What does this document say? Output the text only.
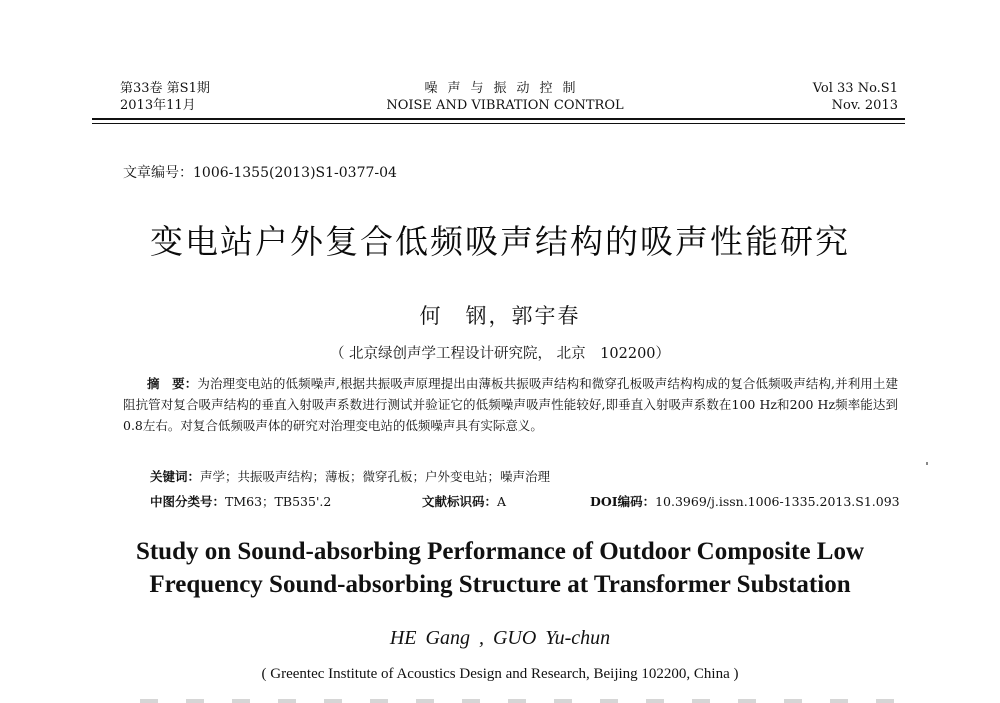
第33卷 第S1期
2013年11月
噪声与振动控制
NOISE AND VIBRATION CONTROL
Vol 33 No.S1
Nov. 2013
文章编号：1006-1355(2013)S1-0377-04
变电站户外复合低频吸声结构的吸声性能研究
何　钢，郭宇春
（ 北京绿创声学工程设计研究院， 北京　102200）
摘　要：为治理变电站的低频噪声,根据共振吸声原理提出由薄板共振吸声结构和微穿孔板吸声结构构成的复合低频吸声结构,并利用土建阻抗管对复合吸声结构的垂直入射吸声系数进行测试并验证它的低频噪声吸声性能较好,即垂直入射吸声系数在100 Hz和200 Hz频率能达到0.8左右。对复合低频吸声体的研究对治理变电站的低频噪声具有实际意义。
关键词：声学；共振吸声结构；薄板；微穿孔板；户外变电站；噪声治理
中图分类号：TM63；TB535'.2	文献标识码：A	DOI编码：10.3969/j.issn.1006-1335.2013.S1.093
Study on Sound-absorbing Performance of Outdoor Composite Low
Frequency Sound-absorbing Structure at Transformer Substation
HE Gang , GUO Yu-chun
( Greentec Institute of Acoustics Design and Research, Beijing 102200, China )
